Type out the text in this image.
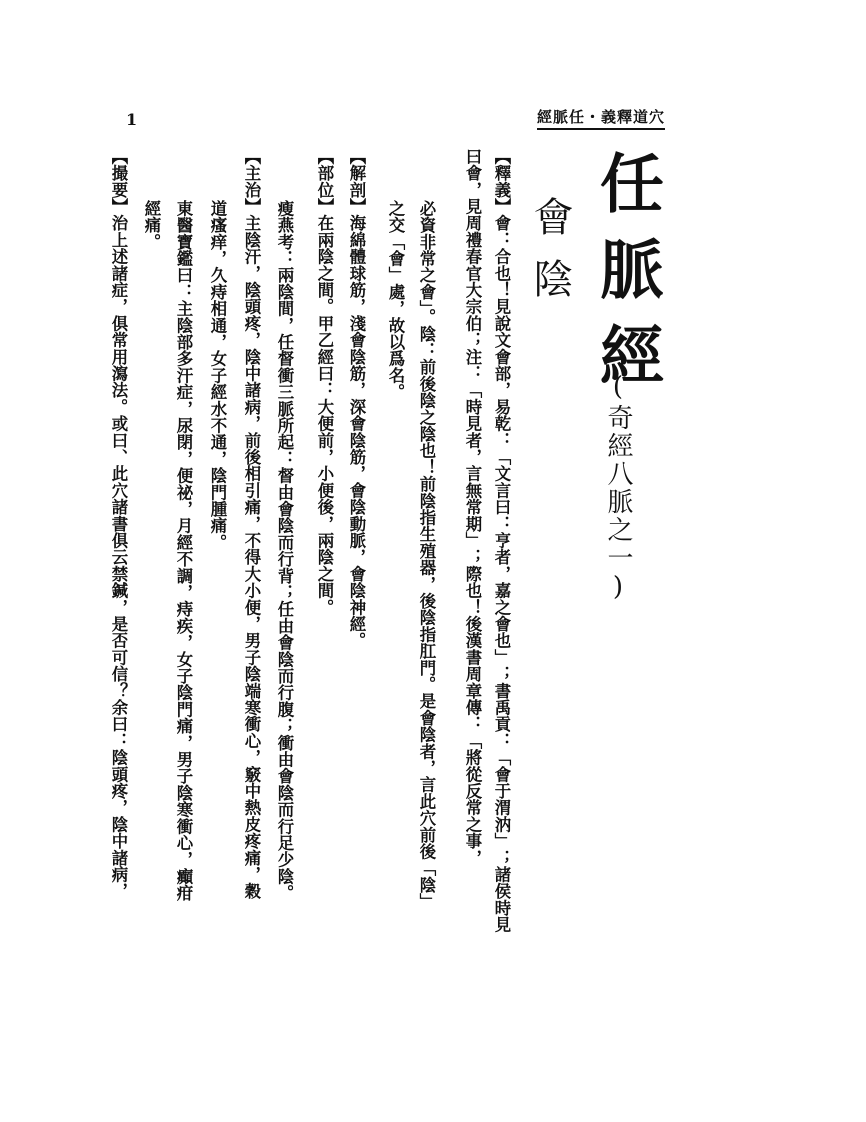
1	經脈任・義釋道穴
任脈經
(奇經八脈之一)
會陰
【釋義】會：合也！見說文會部，易乾：「文言曰：亨者，嘉之會也」；書禹貢：「會于渭汭」；諸侯時見
曰會，見周禮春官大宗伯；注：「時見者，言無常期」；際也！後漢書周章傳：「將從反常之事，
必資非常之會」。陰：前後陰之陰也！前陰指生殖器，後陰指肛門。是會陰者，言此穴前後「陰」
之交「會」處，故以爲名。
【解剖】海綿體球筋，淺會陰筋，深會陰筋，會陰動脈，會陰神經。
【部位】在兩陰之間。甲乙經曰：大便前，小便後，兩陰之間。
瘦燕考：兩陰間，任督衝三脈所起：督由會陰而行背；任由會陰而行腹；衝由會陰而行足少陰。
【主治】主陰汗，陰頭疼，陰中諸病，前後相引痛，不得大小便，男子陰端寒衝心，竅中熱皮疼痛，穀
道瘙痒，久痔相通，女子經水不通，陰門腫痛。
東醫寶鑑曰：主陰部多汗症，尿閉，便祕，月經不調，痔疾，女子陰門痛，男子陰寒衝心，癲疳
經痛。
【撮要】治上述諸症，俱常用瀉法。或曰、此穴諸書俱云禁鍼，是否可信？余曰：陰頭疼，陰中諸病，
